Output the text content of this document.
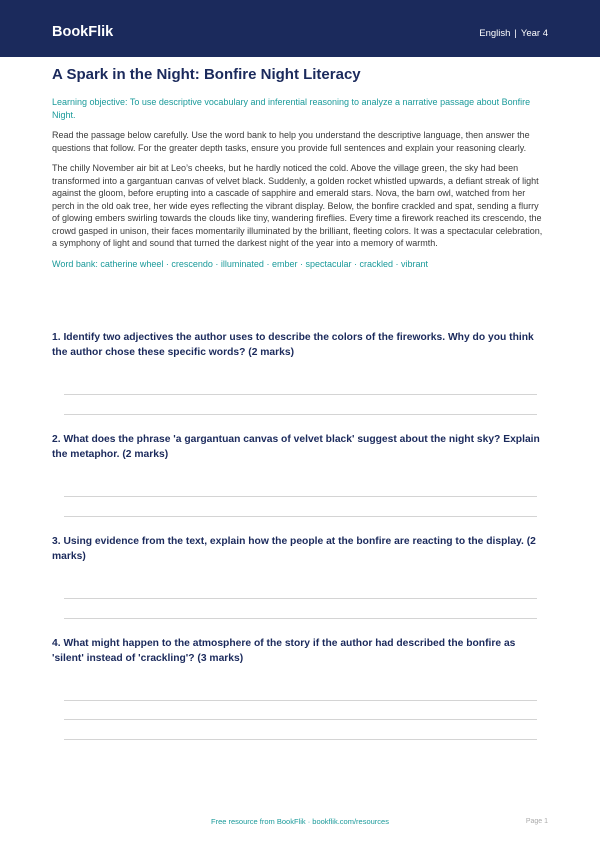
BookFlik	English | Year 4
A Spark in the Night: Bonfire Night Literacy
Learning objective: To use descriptive vocabulary and inferential reasoning to analyze a narrative passage about Bonfire Night.
Read the passage below carefully. Use the word bank to help you understand the descriptive language, then answer the questions that follow. For the greater depth tasks, ensure you provide full sentences and explain your reasoning clearly.
The chilly November air bit at Leo’s cheeks, but he hardly noticed the cold. Above the village green, the sky had been transformed into a gargantuan canvas of velvet black. Suddenly, a golden rocket whistled upwards, a defiant streak of light against the gloom, before erupting into a cascade of sapphire and emerald stars. Nova, the barn owl, watched from her perch in the old oak tree, her wide eyes reflecting the vibrant display. Below, the bonfire crackled and spat, sending a flurry of glowing embers swirling towards the clouds like tiny, wandering fireflies. Every time a firework reached its crescendo, the crowd gasped in unison, their faces momentarily illuminated by the brilliant, fleeting colors. It was a spectacular celebration, a symphony of light and sound that turned the darkest night of the year into a memory of warmth.
Word bank: catherine wheel · crescendo · illuminated · ember · spectacular · crackled · vibrant
1. Identify two adjectives the author uses to describe the colors of the fireworks. Why do you think the author chose these specific words? (2 marks)
2. What does the phrase 'a gargantuan canvas of velvet black' suggest about the night sky? Explain the metaphor. (2 marks)
3. Using evidence from the text, explain how the people at the bonfire are reacting to the display. (2 marks)
4. What might happen to the atmosphere of the story if the author had described the bonfire as 'silent' instead of 'crackling'? (3 marks)
Free resource from BookFlik · bookflik.com/resources	Page 1
